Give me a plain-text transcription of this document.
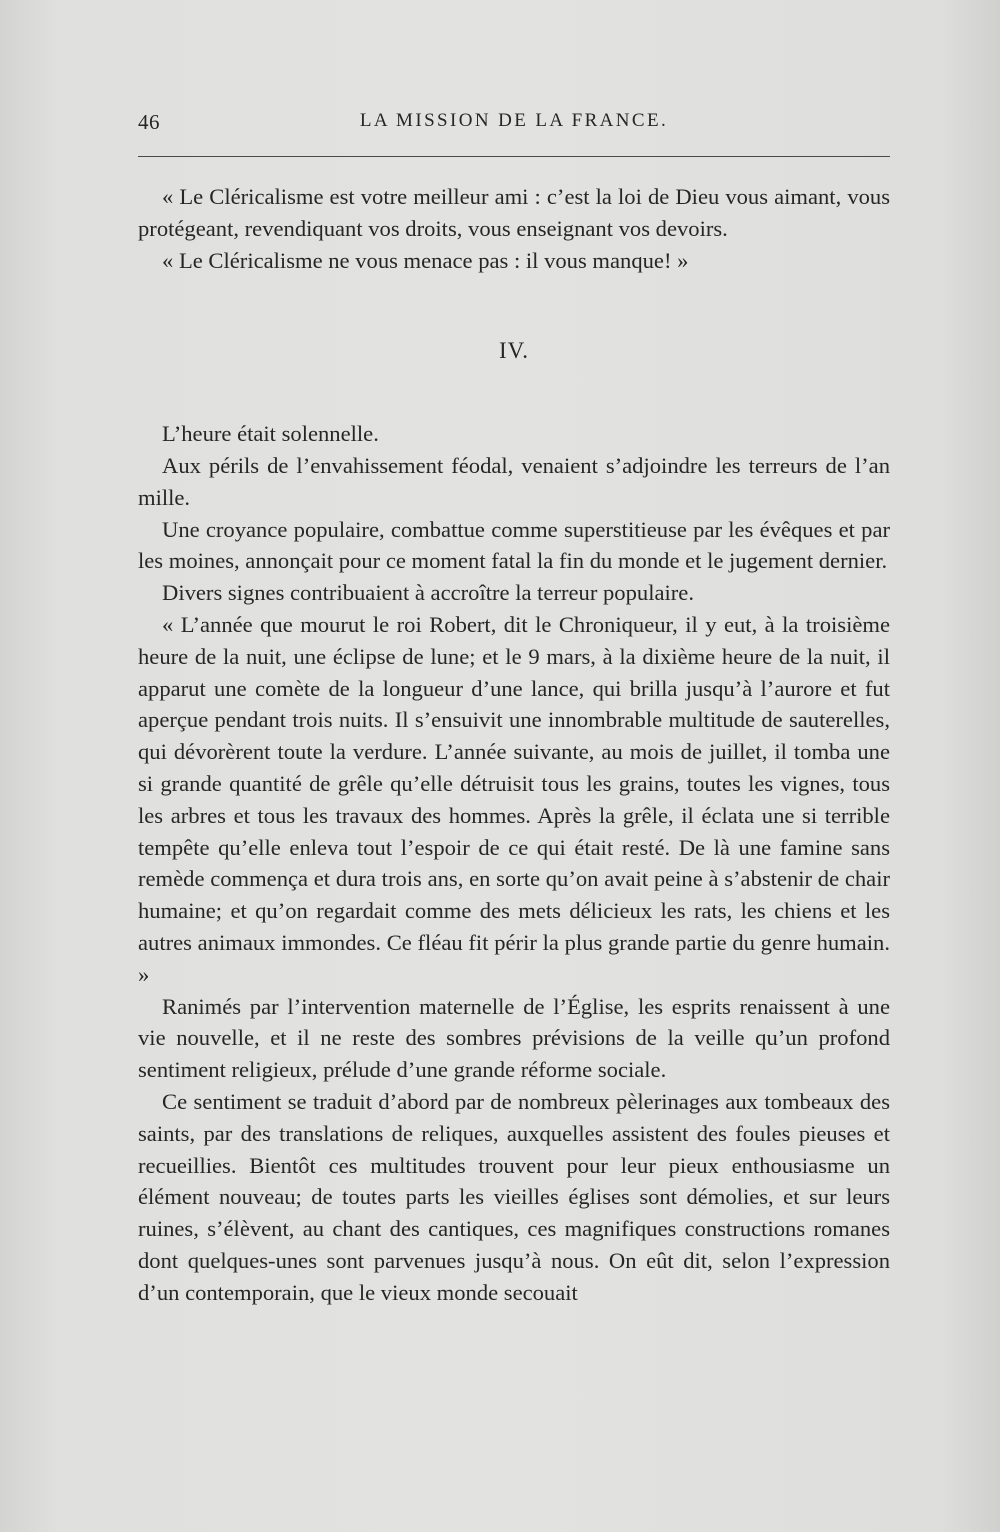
46	LA MISSION DE LA FRANCE.

« Le Cléricalisme est votre meilleur ami : c’est la loi de Dieu vous aimant, vous protégeant, revendiquant vos droits, vous enseignant vos devoirs.

« Le Cléricalisme ne vous menace pas : il vous manque! »

IV.

L’heure était solennelle.

Aux périls de l’envahissement féodal, venaient s’adjoindre les terreurs de l’an mille.

Une croyance populaire, combattue comme superstitieuse par les évêques et par les moines, annonçait pour ce moment fatal la fin du monde et le jugement dernier.

Divers signes contribuaient à accroître la terreur populaire.

« L’année que mourut le roi Robert, dit le Chroniqueur, il y eut, à la troisième heure de la nuit, une éclipse de lune; et le 9 mars, à la dixième heure de la nuit, il apparut une comète de la longueur d’une lance, qui brilla jusqu’à l’aurore et fut aperçue pendant trois nuits. Il s’ensuivit une innombrable multitude de sauterelles, qui dévorèrent toute la verdure. L’année suivante, au mois de juillet, il tomba une si grande quantité de grêle qu’elle détruisit tous les grains, toutes les vignes, tous les arbres et tous les travaux des hommes. Après la grêle, il éclata une si terrible tempête qu’elle enleva tout l’espoir de ce qui était resté. De là une famine sans remède commença et dura trois ans, en sorte qu’on avait peine à s’abstenir de chair humaine; et qu’on regardait comme des mets délicieux les rats, les chiens et les autres animaux immondes. Ce fléau fit périr la plus grande partie du genre humain. »

Ranimés par l’intervention maternelle de l’Église, les esprits renaissent à une vie nouvelle, et il ne reste des sombres prévisions de la veille qu’un profond sentiment religieux, prélude d’une grande réforme sociale.

Ce sentiment se traduit d’abord par de nombreux pèlerinages aux tombeaux des saints, par des translations de reliques, auxquelles assistent des foules pieuses et recueillies. Bientôt ces multitudes trouvent pour leur pieux enthousiasme un élément nouveau; de toutes parts les vieilles églises sont démolies, et sur leurs ruines, s’élèvent, au chant des cantiques, ces magnifiques constructions romanes dont quelques-unes sont parvenues jusqu’à nous. On eût dit, selon l’expression d’un contemporain, que le vieux monde secouait
